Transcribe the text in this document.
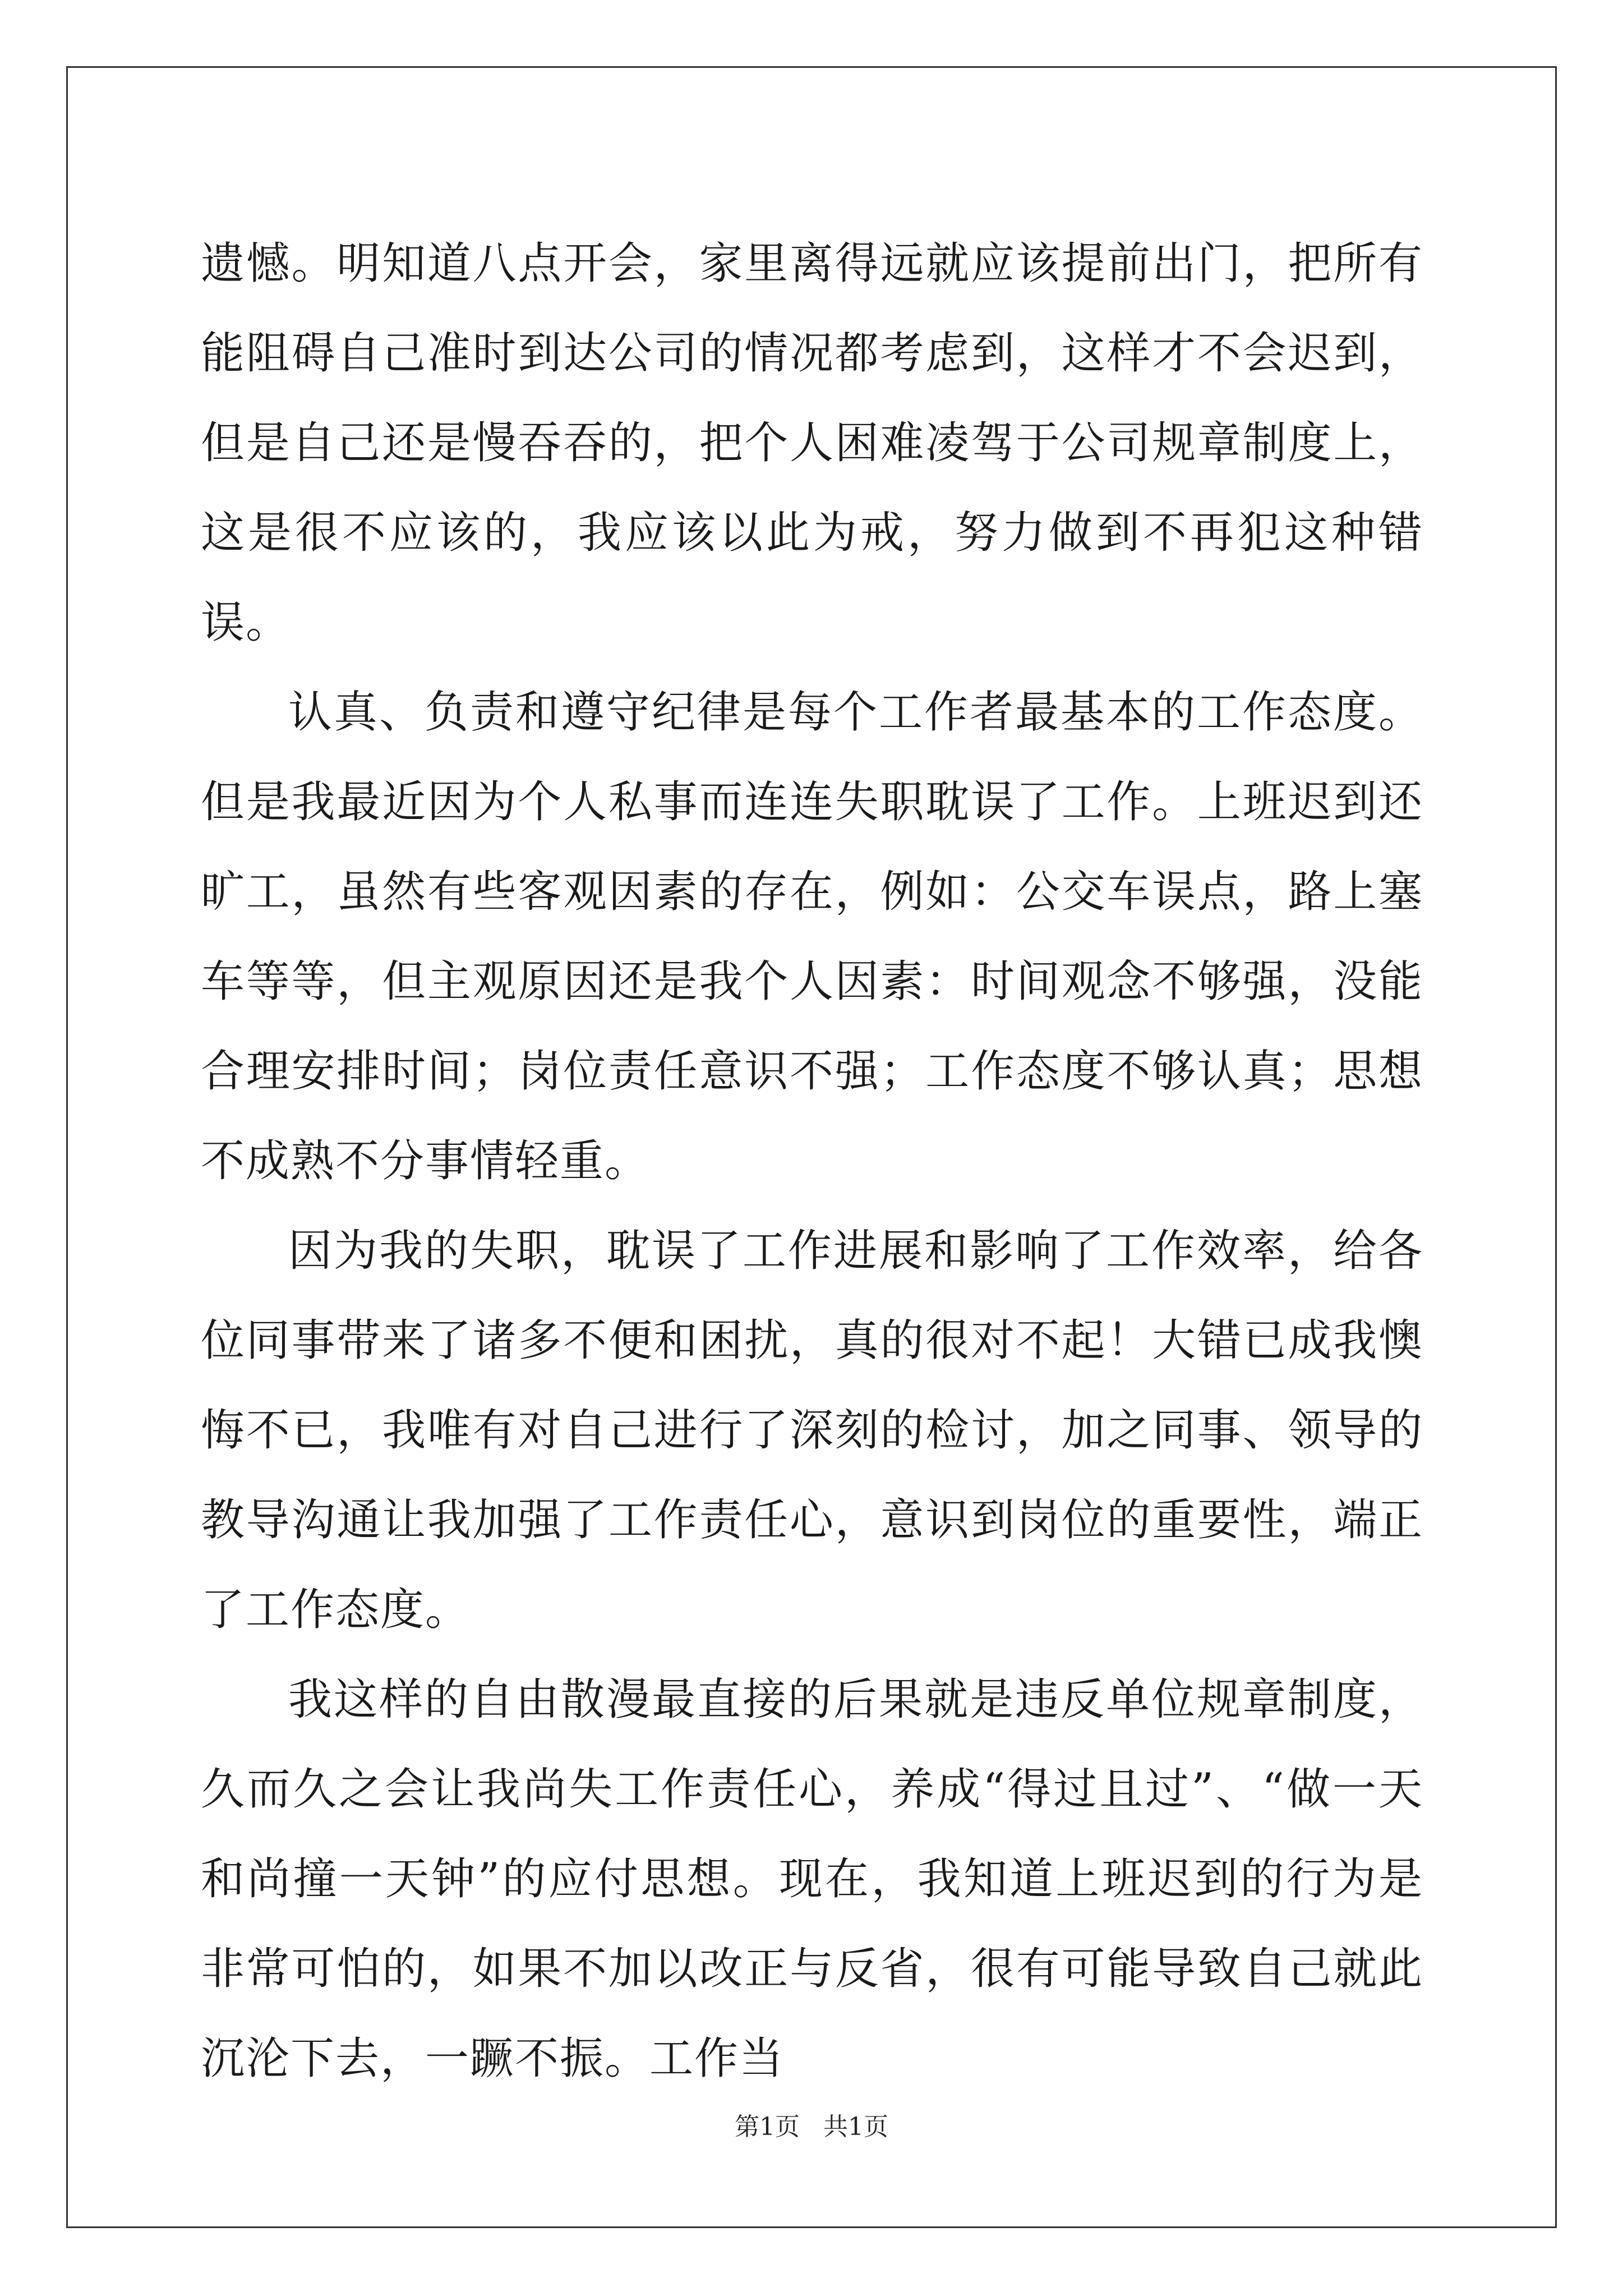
遗憾。明知道八点开会，家里离得远就应该提前出门，把所有能阻碍自己准时到达公司的情况都考虑到，这样才不会迟到，但是自己还是慢吞吞的，把个人困难凌驾于公司规章制度上，这是很不应该的，我应该以此为戒，努力做到不再犯这种错误。

认真、负责和遵守纪律是每个工作者最基本的工作态度。但是我最近因为个人私事而连连失职耽误了工作。上班迟到还旷工，虽然有些客观因素的存在，例如：公交车误点，路上塞车等等，但主观原因还是我个人因素：时间观念不够强，没能合理安排时间；岗位责任意识不强；工作态度不够认真；思想不成熟不分事情轻重。

因为我的失职，耽误了工作进展和影响了工作效率，给各位同事带来了诸多不便和困扰，真的很对不起！大错已成我懊悔不已，我唯有对自己进行了深刻的检讨，加之同事、领导的教导沟通让我加强了工作责任心，意识到岗位的重要性，端正了工作态度。

我这样的自由散漫最直接的后果就是违反单位规章制度，久而久之会让我尚失工作责任心，养成“得过且过”、“做一天和尚撞一天钟”的应付思想。现在，我知道上班迟到的行为是非常可怕的，如果不加以改正与反省，很有可能导致自己就此沉沦下去，一蹶不振。工作当

第1页 共1页
